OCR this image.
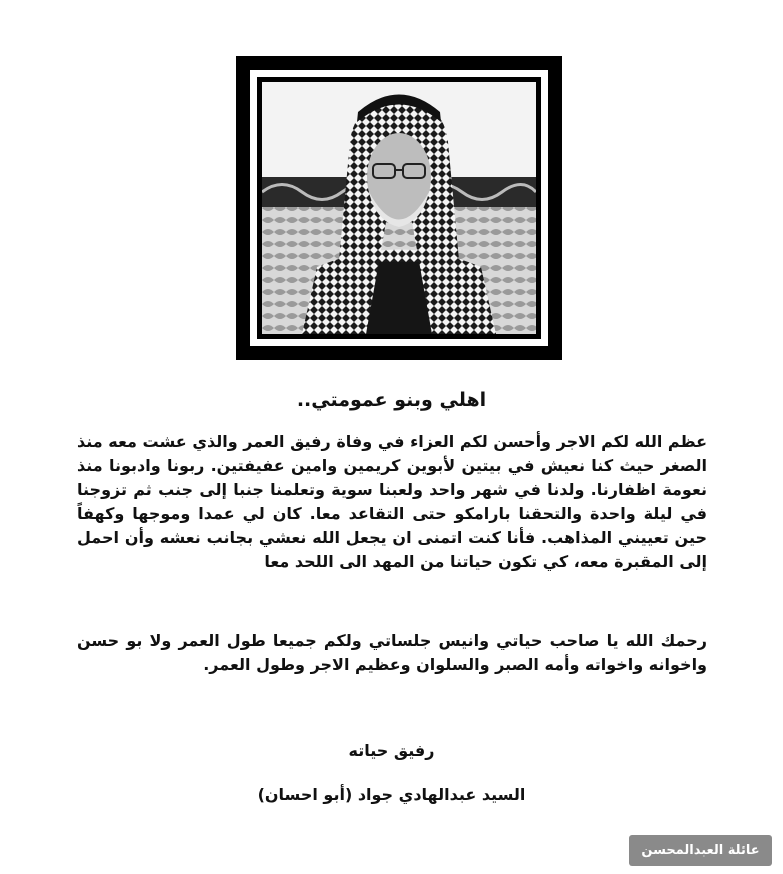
اهلي وبنو عمومتي..
عظم الله لكم الاجر وأحسن لكم العزاء في وفاة رفيق العمر والذي عشت معه منذ الصغر حيث كنا نعيش في بيتين لأبوين كريمين وامين عفيفتين. ربونا وادبونا منذ نعومة اظفارنا. ولدنا في شهر واحد ولعبنا سوية وتعلمنا جنبا إلى جنب ثم تزوجنا في ليلة واحدة والتحقنا بارامكو حتى التقاعد معا. كان لي عمدا وموجها وكهفاً حين تعييني المذاهب. فأنا كنت اتمنى ان يجعل الله نعشي بجانب نعشه وأن احمل إلى المقبرة معه، كي تكون حياتنا من المهد الى اللحد معا
رحمك الله يا صاحب حياتي وانيس جلساتي ولكم جميعا طول العمر ولا بو حسن واخوانه واخواته وأمه الصبر والسلوان وعظيم الاجر وطول العمر.
رفيق حياته
السيد عبدالهادي جواد (أبو احسان)
عائلة العبدالمحسن
